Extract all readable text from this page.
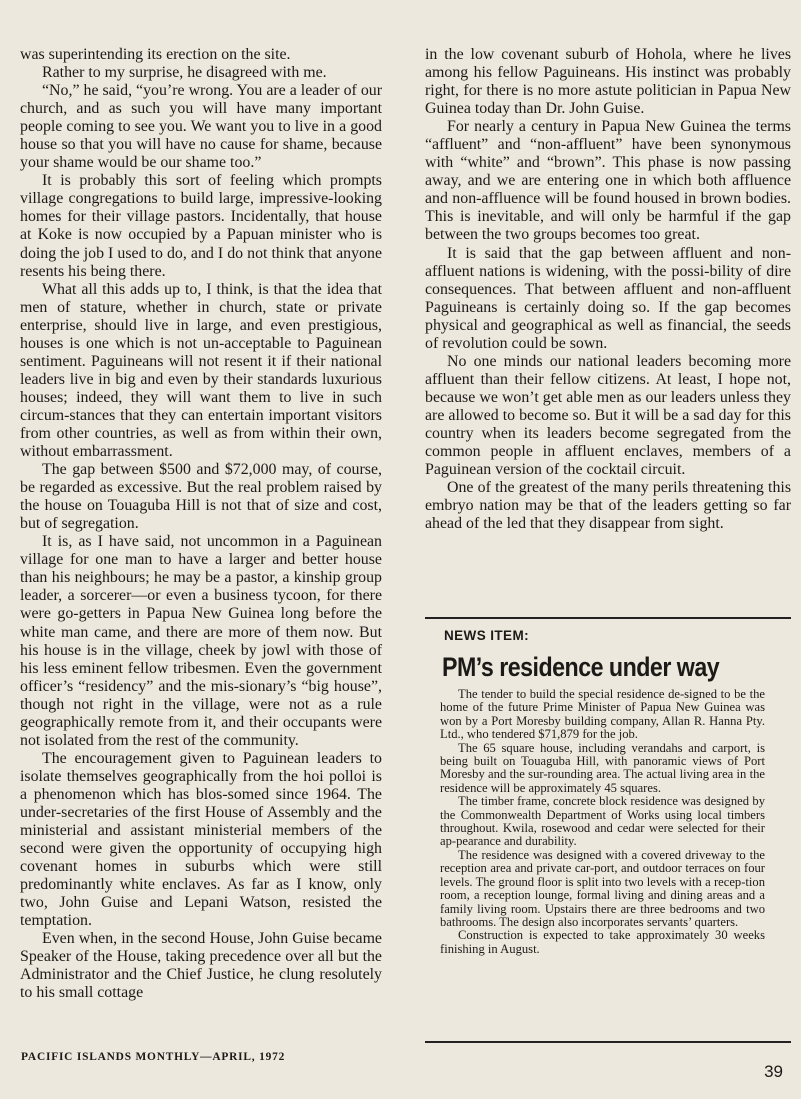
was superintending its erection on the site.

Rather to my surprise, he disagreed with me.

“No,” he said, “you’re wrong. You are a leader of our church, and as such you will have many important people coming to see you. We want you to live in a good house so that you will have no cause for shame, because your shame would be our shame too.”

It is probably this sort of feeling which prompts village congregations to build large, impressive-looking homes for their village pastors. Incidentally, that house at Koke is now occupied by a Papuan minister who is doing the job I used to do, and I do not think that anyone resents his being there.

What all this adds up to, I think, is that the idea that men of stature, whether in church, state or private enterprise, should live in large, and even prestigious, houses is one which is not un-acceptable to Paguinean sentiment. Paguineans will not resent it if their national leaders live in big and even by their standards luxurious houses; indeed, they will want them to live in such circum-stances that they can entertain important visitors from other countries, as well as from within their own, without embarrassment.

The gap between $500 and $72,000 may, of course, be regarded as excessive. But the real problem raised by the house on Touaguba Hill is not that of size and cost, but of segregation.

It is, as I have said, not uncommon in a Paguinean village for one man to have a larger and better house than his neighbours; he may be a pastor, a kinship group leader, a sorcerer—or even a business tycoon, for there were go-getters in Papua New Guinea long before the white man came, and there are more of them now. But his house is in the village, cheek by jowl with those of his less eminent fellow tribesmen. Even the government officer’s “residency” and the mis-sionary’s “big house”, though not right in the village, were not as a rule geographically remote from it, and their occupants were not isolated from the rest of the community.

The encouragement given to Paguinean leaders to isolate themselves geographically from the hoi polloi is a phenomenon which has blos-somed since 1964. The under-secretaries of the first House of Assembly and the ministerial and assistant ministerial members of the second were given the opportunity of occupying high covenant homes in suburbs which were still predominantly white enclaves. As far as I know, only two, John Guise and Lepani Watson, resisted the temptation.

Even when, in the second House, John Guise became Speaker of the House, taking precedence over all but the Administrator and the Chief Justice, he clung resolutely to his small cottage

in the low covenant suburb of Hohola, where he lives among his fellow Paguineans. His instinct was probably right, for there is no more astute politician in Papua New Guinea today than Dr. John Guise.

For nearly a century in Papua New Guinea the terms “affluent” and “non-affluent” have been synonymous with “white” and “brown”. This phase is now passing away, and we are entering one in which both affluence and non-affluence will be found housed in brown bodies. This is inevitable, and will only be harmful if the gap between the two groups becomes too great.

It is said that the gap between affluent and non-affluent nations is widening, with the possi-bility of dire consequences. That between affluent and non-affluent Paguineans is certainly doing so. If the gap becomes physical and geographical as well as financial, the seeds of revolution could be sown.

No one minds our national leaders becoming more affluent than their fellow citizens. At least, I hope not, because we won’t get able men as our leaders unless they are allowed to become so. But it will be a sad day for this country when its leaders become segregated from the common people in affluent enclaves, members of a Paguinean version of the cocktail circuit.

One of the greatest of the many perils threatening this embryo nation may be that of the leaders getting so far ahead of the led that they disappear from sight.

NEWS ITEM:
PM’s residence under way

The tender to build the special residence de-signed to be the home of the future Prime Minister of Papua New Guinea was won by a Port Moresby building company, Allan R. Hanna Pty. Ltd., who tendered $71,879 for the job.

The 65 square house, including verandahs and carport, is being built on Touaguba Hill, with panoramic views of Port Moresby and the sur-rounding area. The actual living area in the residence will be approximately 45 squares.

The timber frame, concrete block residence was designed by the Commonwealth Department of Works using local timbers throughout. Kwila, rosewood and cedar were selected for their ap-pearance and durability.

The residence was designed with a covered driveway to the reception area and private car-port, and outdoor terraces on four levels. The ground floor is split into two levels with a recep-tion room, a reception lounge, formal living and dining areas and a family living room. Upstairs there are three bedrooms and two bathrooms. The design also incorporates servants’ quarters.

Construction is expected to take approximately 30 weeks finishing in August.

PACIFIC ISLANDS MONTHLY—APRIL, 1972
39
